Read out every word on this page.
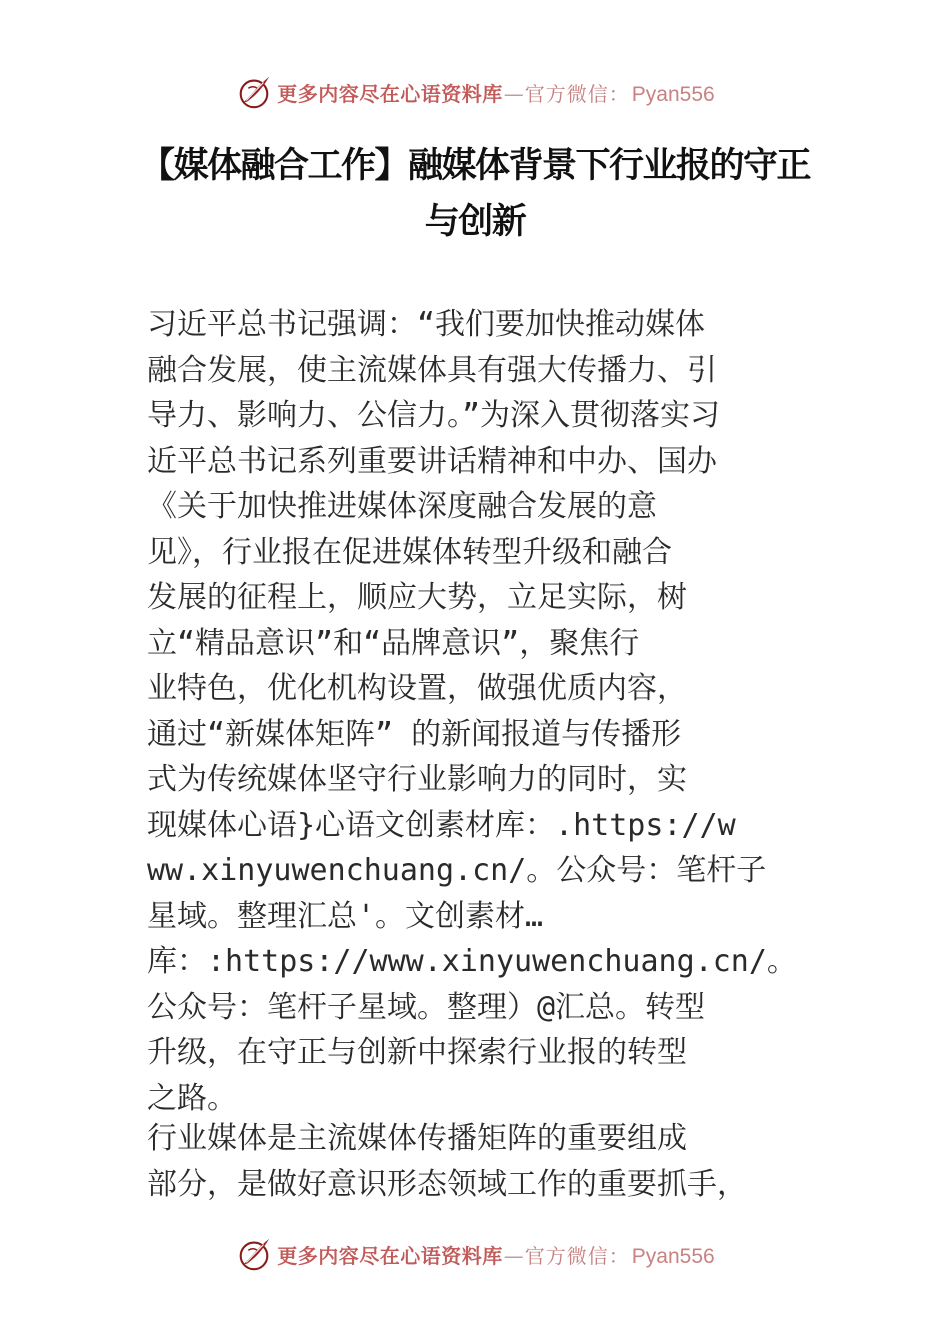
更多内容尽在心语资料库 — 官方微信： Pyan556
【媒体融合工作】融媒体背景下行业报的守正
与创新
习近平总书记强调：“我们要加快推动媒体
融合发展，使主流媒体具有强大传播力、引
导力、影响力、公信力。”为深入贯彻落实习
近平总书记系列重要讲话精神和中办、国办
《关于加快推进媒体深度融合发展的意
见》，行业报在促进媒体转型升级和融合
发展的征程上，顺应大势，立足实际，树
立“精品意识”和“品牌意识”，聚焦行
业特色，优化机构设置，做强优质内容，
通过“新媒体矩阵” 的新闻报道与传播形
式为传统媒体坚守行业影响力的同时，实
现媒体心语}心语文创素材库：.https://w
ww.xinyuwenchuang.cn/。公众号：笔杆子
星域。整理汇总'。文创素材…
库：:https://www.xinyuwenchuang.cn/。
公众号：笔杆子星域。整理）@汇总。转型
升级，在守正与创新中探索行业报的转型
之路。
行业媒体是主流媒体传播矩阵的重要组成
部分，是做好意识形态领域工作的重要抓手，
更多内容尽在心语资料库 — 官方微信： Pyan556
